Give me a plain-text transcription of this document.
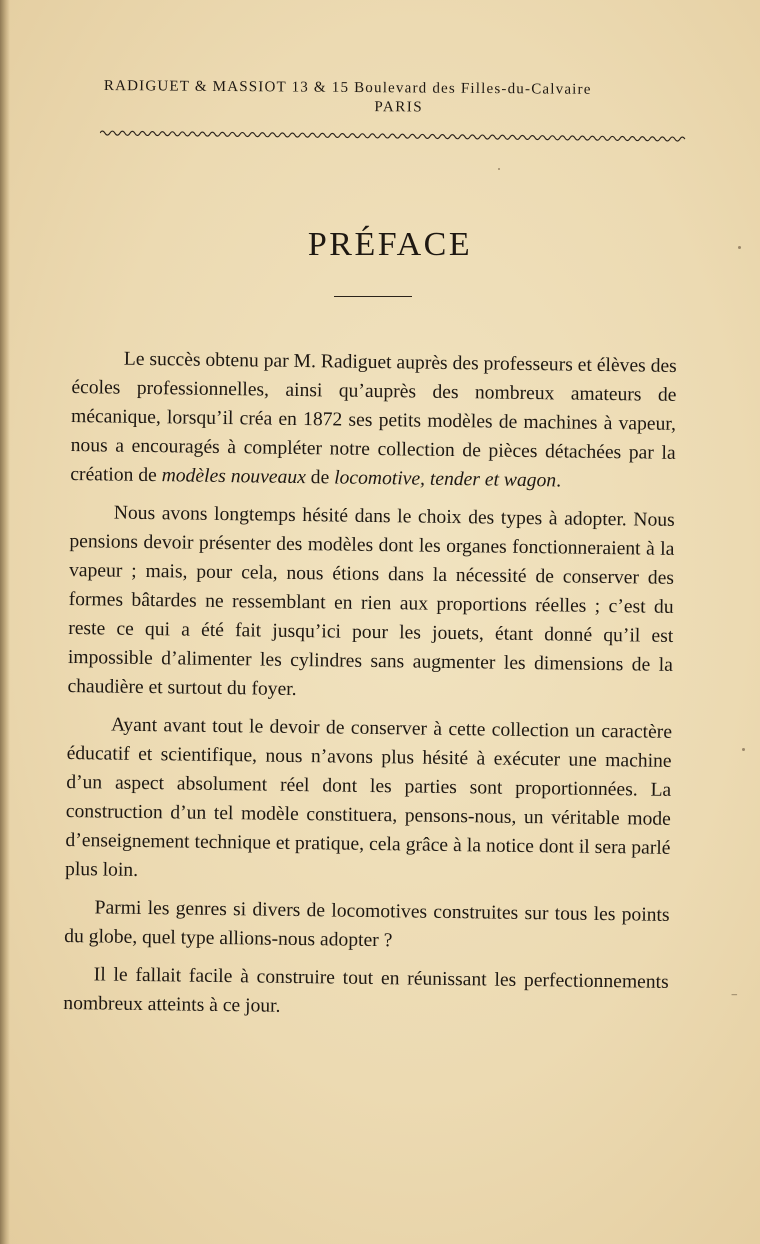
RADIGUET & MASSIOT 13 & 15 Boulevard des Filles-du-Calvaire
PARIS
PRÉFACE

Le succès obtenu par M. Radiguet auprès des professeurs et élèves des écoles professionnelles, ainsi qu’auprès des nombreux amateurs de mécanique, lorsqu’il créa en 1872 ses petits modèles de machines à vapeur, nous a encouragés à compléter notre collection de pièces détachées par la création de modèles nouveaux de locomotive, tender et wagon.

Nous avons longtemps hésité dans le choix des types à adopter. Nous pensions devoir présenter des modèles dont les organes fonctionneraient à la vapeur ; mais, pour cela, nous étions dans la nécessité de conserver des formes bâtardes ne ressemblant en rien aux proportions réelles ; c’est du reste ce qui a été fait jusqu’ici pour les jouets, étant donné qu’il est impossible d’alimenter les cylindres sans augmenter les dimensions de la chaudière et surtout du foyer.

Ayant avant tout le devoir de conserver à cette collection un caractère éducatif et scientifique, nous n’avons plus hésité à exécuter une machine d’un aspect absolument réel dont les parties sont proportionnées. La construction d’un tel modèle constituera, pensons-nous, un véritable mode d’enseignement technique et pratique, cela grâce à la notice dont il sera parlé plus loin.

Parmi les genres si divers de locomotives construites sur tous les points du globe, quel type allions-nous adopter ?

Il le fallait facile à construire tout en réunissant les perfectionnements nombreux atteints à ce jour.	⁻
